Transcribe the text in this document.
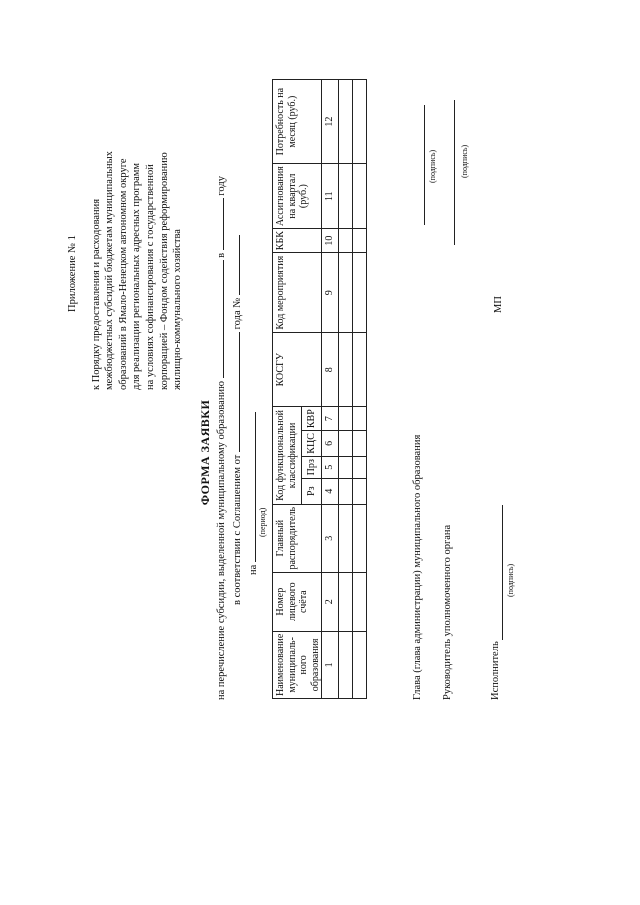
Приложение № 1 к Порядку предоставления и расходования межбюджетных субсидий бюджетам муниципальных образований в Ямало-Ненецком автономном округе для реализации региональных адресных программ на условиях софинансирования с государственной корпорацией – Фондом содействия реформированию жилищно-коммунального хозяйства
ФОРМА ЗАЯВКИ на перечисление субсидии, выделенной муниципальному образованию  в  году
в соответствии с Соглашением от  года №
на
(период)
Наименование муниципаль-ного образования	Номер лицевого счёта	Главный распорядитель	Код функциональной классификации				КОСГУ	Код мероприятия	КБК	Ассигнования на квартал (руб.)	Потребность на месяц (руб.)
			Рз	Прз	КЦС	КВР					
1	2	3	4	5	6	7	8	9	10	11	12

Глава (глава администрации) муниципального образования
(подпись)
Руководитель уполномоченного органа
(подпись)
МП
Исполнитель
(подпись)
